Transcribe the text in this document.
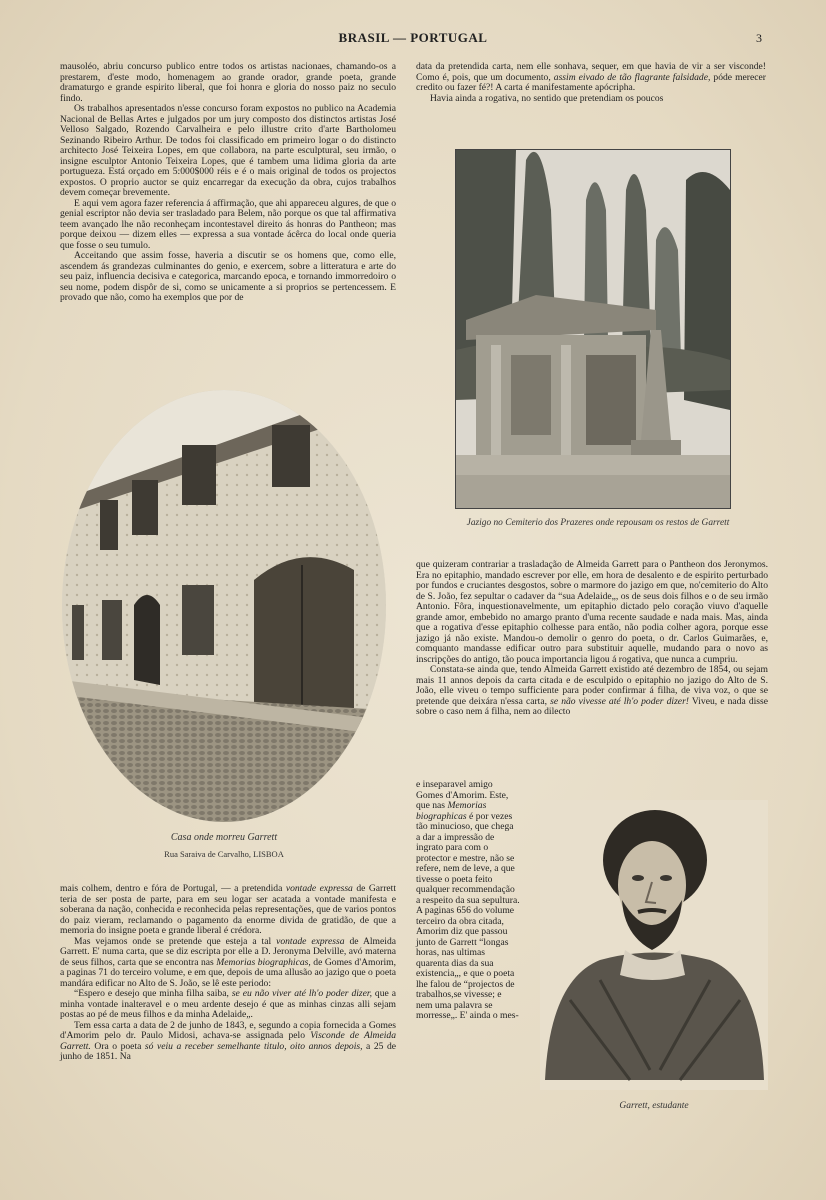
BRASIL — PORTUGAL	3

mausoléo, abriu concurso publico entre todos os artistas nacionaes, chamando-os a prestarem, d'este modo, homenagem ao grande orador, grande poeta, grande dramaturgo e grande espirito liberal, que foi honra e gloria do nosso paiz no seculo findo.

Os trabalhos apresentados n'esse concurso foram expostos no publico na Academia Nacional de Bellas Artes e julgados por um jury composto dos distinctos artistas José Velloso Salgado, Rozendo Carvalheira e pelo illustre crito d'arte Bartholomeu Sezinando Ribeiro Arthur. De todos foi classificado em primeiro logar o do distincto architecto José Teixeira Lopes, em que collabora, na parte esculptural, seu irmão, o insigne esculptor Antonio Teixeira Lopes, que é tambem uma lidima gloria da arte portugueza. Está orçado em 5:000$000 réis e é o mais original de todos os projectos expostos. O proprio auctor se quiz encarregar da execução da obra, cujos trabalhos devem começar brevemente.

E aqui vem agora fazer referencia á affirmação, que ahi appareceu algures, de que o genial escriptor não devia ser trasladado para Belem, não porque os que tal affirmativa teem avançado lhe não reconheçam incontestavel direito ás honras do Pantheon; mas porque deixou — dizem elles — expressa a sua vontade ácêrca do local onde queria que fosse o seu tumulo.

Acceitando que assim fosse, haveria a discutir se os homens que, como elle, ascendem ás grandezas culminantes do genio, e exercem, sobre a litteratura e arte do seu paiz, influencia decisiva e categorica, marcando epoca, e tornando immorredoiro o seu nome, podem dispôr de si, como se unicamente a si proprios se pertencessem. E provado que não, como ha exemplos que por de

Casa onde morreu Garrett
Rua Saraiva de Carvalho, LISBOA

mais colhem, dentro e fóra de Portugal, — a pretendida vontade expressa de Garrett teria de ser posta de parte, para em seu logar ser acatada a vontade manifesta e soberana da nação, conhecida e reconhecida pelas representações, que de varios pontos do paiz vieram, reclamando o pagamento da enorme divida de gratidão, de que a memoria do insigne poeta e grande liberal é crédora.

Mas vejamos onde se pretende que esteja a tal vontade expressa de Almeida Garrett. E' numa carta, que se diz escripta por elle a D. Jeronyma Delville, avó materna de seus filhos, carta que se encontra nas Memorias biographicas, de Gomes d'Amorim, a paginas 71 do terceiro volume, e em que, depois de uma allusão ao jazigo que o poeta mandára edificar no Alto de S. João, se lê este periodo:

“Espero e desejo que minha filha saiba, se eu não viver até lh'o poder dizer, que a minha vontade inalteravel e o meu ardente desejo é que as minhas cinzas alli sejam postas ao pé de meus filhos e da minha Adelaide„.

Tem essa carta a data de 2 de junho de 1843, e, segundo a copia fornecida a Gomes d'Amorim pelo dr. Paulo Midosi, achava-se assignada pelo Visconde de Almeida Garrett. Ora o poeta só veiu a receber semelhante titulo, oito annos depois, a 25 de junho de 1851. Na

data da pretendida carta, nem elle sonhava, sequer, em que havia de vir a ser visconde! Como é, pois, que um documento, assim eivado de tão flagrante falsidade, póde merecer credito ou fazer fé?! A carta é manifestamente apócripha.

Havia ainda a rogativa, no sentido que pretendiam os poucos

Jazigo no Cemiterio dos Prazeres onde repousam os restos de Garrett

que quizeram contrariar a trasladação de Almeida Garrett para o Pantheon dos Jeronymos. Era no epitaphio, mandado escrever por elle, em hora de desalento e de espirito perturbado por fundos e cruciantes desgostos, sobre o marmore do jazigo em que, no'cemiterio do Alto de S. João, fez sepultar o cadaver da “sua Adelaide„, os de seus dois filhos e o de seu irmão Antonio. Fôra, inquestionavelmente, um epitaphio dictado pelo coração viuvo d'aquelle grande amor, embebido no amargo pranto d'uma recente saudade e nada mais. Mas, ainda que a rogativa d'esse epitaphio colhesse para então, não podia colher agora, porque esse jazigo já não existe. Mandou-o demolir o genro do poeta, o dr. Carlos Guimarães, e, comquanto mandasse edificar outro para substituir aquelle, mudando para o novo as inscripções do antigo, tão pouca importancia ligou á rogativa, que nunca a cumpriu.

Constata-se ainda que, tendo Almeida Garrett existido até dezembro de 1854, ou sejam mais 11 annos depois da carta citada e de esculpido o epitaphio no jazigo do Alto de S. João, elle viveu o tempo sufficiente para poder confirmar á filha, de viva voz, o que se pretende que deixára n'essa carta, se não vivesse até lh'o poder dizer! Viveu, e nada disse sobre o caso nem á filha, nem ao dilecto

e inseparavel amigo Gomes d'Amorim. Este, que nas Memorias biographicas é por vezes tão minucioso, que chega a dar a impressão de ingrato para com o protector e mestre, não se refere, nem de leve, a que tivesse o poeta feito qualquer recommendação a respeito da sua sepultura. A paginas 656 do volume terceiro da obra citada, Amorim diz que passou junto de Garrett “longas horas, nas ultimas quarenta dias da sua existencia„, e que o poeta lhe falou de “projectos de trabalhos,se vivesse; e nem uma palavra se morresse„. E' ainda o mes-

Garrett, estudante
